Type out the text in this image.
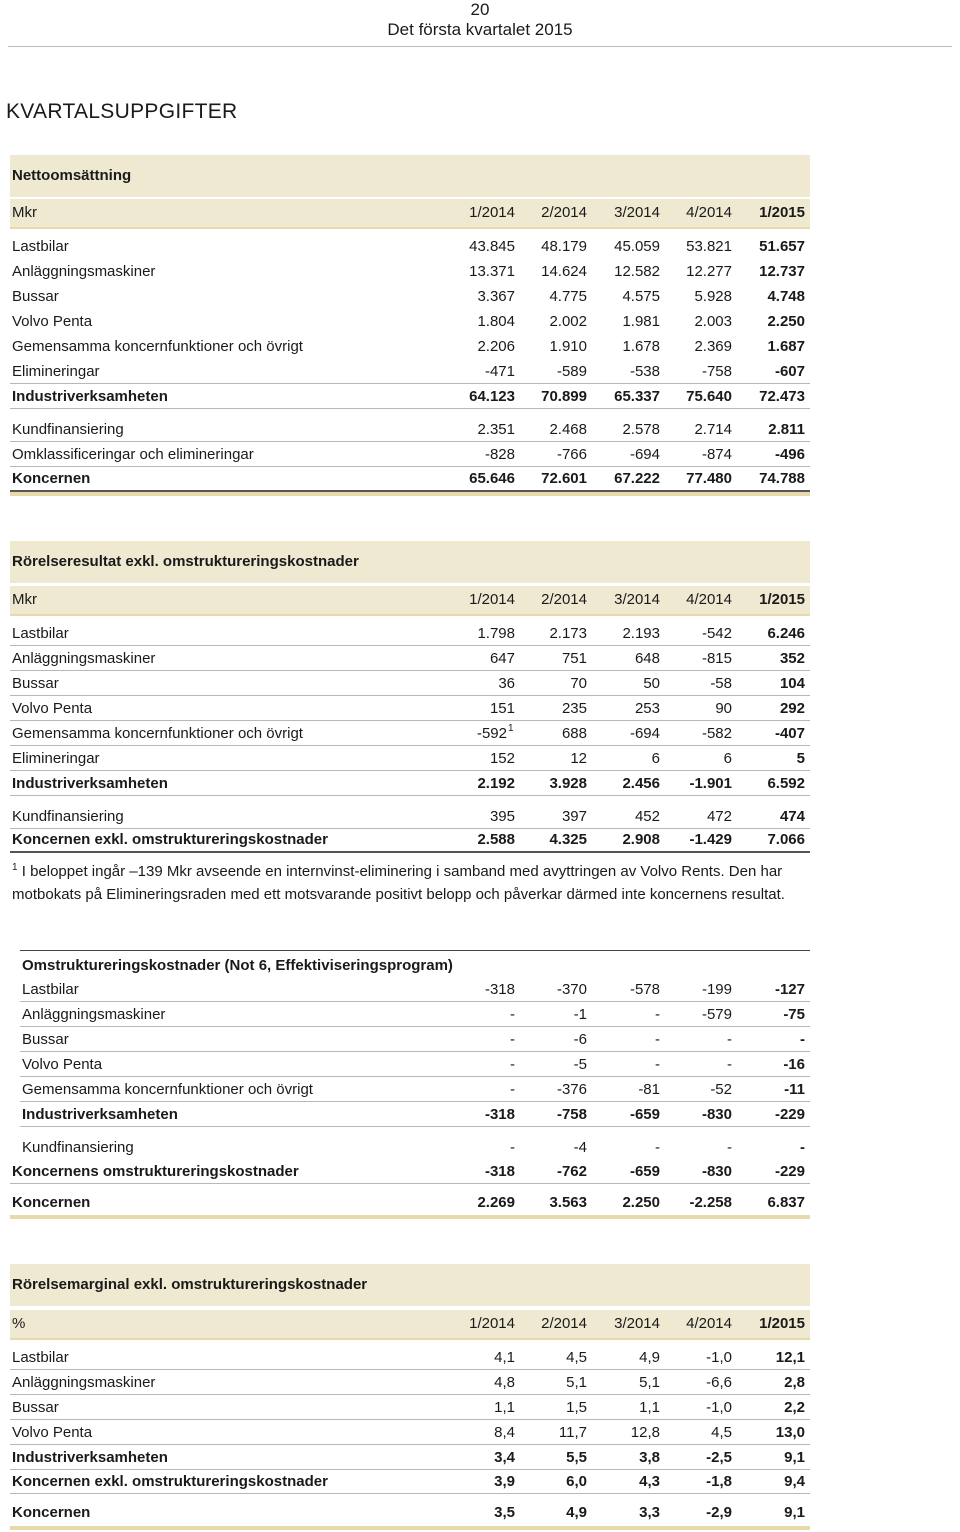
20
Det första kvartalet 2015
KVARTALSUPPGIFTER
Nettoomsättning
Mkr	1/2014	2/2014	3/2014	4/2014	1/2015
Lastbilar	43.845	48.179	45.059	53.821	51.657
Anläggningsmaskiner	13.371	14.624	12.582	12.277	12.737
Bussar	3.367	4.775	4.575	5.928	4.748
Volvo Penta	1.804	2.002	1.981	2.003	2.250
Gemensamma koncernfunktioner och övrigt	2.206	1.910	1.678	2.369	1.687
Elimineringar	-471	-589	-538	-758	-607
Industriverksamheten	64.123	70.899	65.337	75.640	72.473
Kundfinansiering	2.351	2.468	2.578	2.714	2.811
Omklassificeringar och elimineringar	-828	-766	-694	-874	-496
Koncernen	65.646	72.601	67.222	77.480	74.788
Rörelseresultat exkl. omstruktureringskostnader
Mkr	1/2014	2/2014	3/2014	4/2014	1/2015
Lastbilar	1.798	2.173	2.193	-542	6.246
Anläggningsmaskiner	647	751	648	-815	352
Bussar	36	70	50	-58	104
Volvo Penta	151	235	253	90	292
1
Gemensamma koncernfunktioner och övrigt	-592	688	-694	-582	-407
Elimineringar	152	12	6	6	5
Industriverksamheten	2.192	3.928	2.456	-1.901	6.592
Kundfinansiering	395	397	452	472	474
Koncernen exkl. omstruktureringskostnader	2.588	4.325	2.908	-1.429	7.066
$^1$ I beloppet ingår –139 Mkr avseende en internvinst-eliminering i samband med avyttringen av Volvo Rents. Den har motbokats på Elimineringsraden med ett motsvarande positivt belopp och påverkar därmed inte koncernens resultat.
Omstruktureringskostnader (Not 6, Effektiviseringsprogram)
Lastbilar	-318	-370	-578	-199	-127
Anläggningsmaskiner	-	-1	-	-579	-75
Bussar	-	-6	-	-	-
Volvo Penta	-	-5	-	-	-16
Gemensamma koncernfunktioner och övrigt	-	-376	-81	-52	-11
Industriverksamheten	-318	-758	-659	-830	-229
Kundfinansiering	-	-4	-	-	-
Koncernens omstruktureringskostnader	-318	-762	-659	-830	-229
Koncernen	2.269	3.563	2.250	-2.258	6.837
Rörelsemarginal exkl. omstruktureringskostnader
%	1/2014	2/2014	3/2014	4/2014	1/2015
Lastbilar	4,1	4,5	4,9	-1,0	12,1
Anläggningsmaskiner	4,8	5,1	5,1	-6,6	2,8
Bussar	1,1	1,5	1,1	-1,0	2,2
Volvo Penta	8,4	11,7	12,8	4,5	13,0
Industriverksamheten	3,4	5,5	3,8	-2,5	9,1
Koncernen exkl. omstruktureringskostnader	3,9	6,0	4,3	-1,8	9,4
Koncernen	3,5	4,9	3,3	-2,9	9,1
